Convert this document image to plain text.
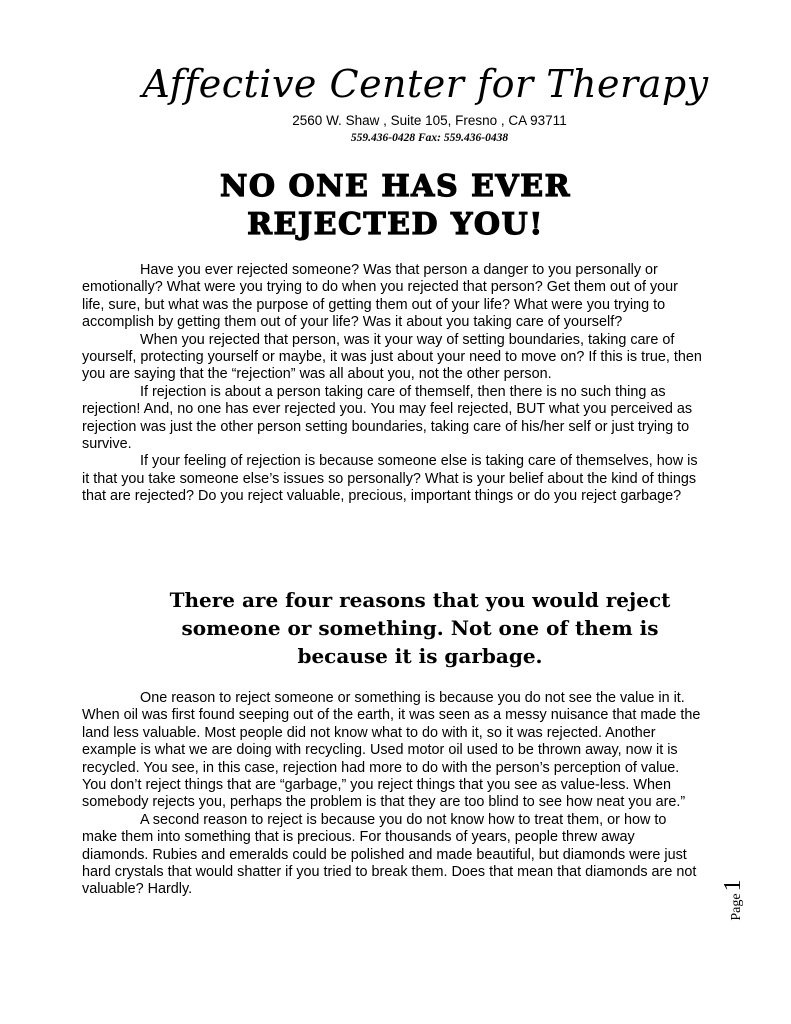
Affective Center for Therapy
2560 W. Shaw , Suite 105, Fresno , CA 93711
559.436-0428 Fax: 559.436-0438
NO ONE HAS EVER
REJECTED YOU!

Have you ever rejected someone? Was that person a danger to you personally or emotionally? What were you trying to do when you rejected that person? Get them out of your life, sure, but what was the purpose of getting them out of your life? What were you trying to accomplish by getting them out of your life? Was it about you taking care of yourself?

When you rejected that person, was it your way of setting boundaries, taking care of yourself, protecting yourself or maybe, it was just about your need to move on? If this is true, then you are saying that the “rejection” was all about you, not the other person.

If rejection is about a person taking care of themself, then there is no such thing as rejection! And, no one has ever rejected you. You may feel rejected, BUT what you perceived as rejection was just the other person setting boundaries, taking care of his/her self or just trying to survive.

If your feeling of rejection is because someone else is taking care of themselves, how is it that you take someone else’s issues so personally? What is your belief about the kind of things that are rejected? Do you reject valuable, precious, important things or do you reject garbage?

There are four reasons that you would reject
someone or something. Not one of them is
because it is garbage.

One reason to reject someone or something is because you do not see the value in it. When oil was first found seeping out of the earth, it was seen as a messy nuisance that made the land less valuable. Most people did not know what to do with it, so it was rejected. Another example is what we are doing with recycling. Used motor oil used to be thrown away, now it is recycled. You see, in this case, rejection had more to do with the person’s perception of value. You don’t reject things that are “garbage,” you reject things that you see as value-less. When somebody rejects you, perhaps the problem is that they are too blind to see how neat you are.”

A second reason to reject is because you do not know how to treat them, or how to make them into something that is precious. For thousands of years, people threw away diamonds. Rubies and emeralds could be polished and made beautiful, but diamonds were just hard crystals that would shatter if you tried to break them. Does that mean that diamonds are not valuable? Hardly.

Page
1
